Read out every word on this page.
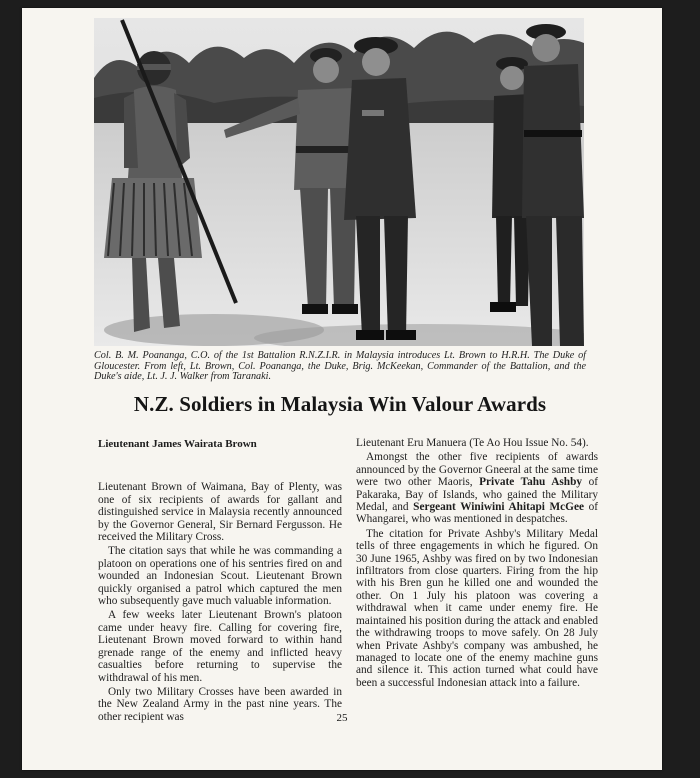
Col. B. M. Poananga, C.O. of the 1st Battalion R.N.Z.I.R. in Malaysia introduces Lt. Brown to H.R.H. The Duke of Gloucester. From left, Lt. Brown, Col. Poananga, the Duke, Brig. McKeekan, Commander of the Battalion, and the Duke's aide, Lt. J. J. Walker from Taranaki.
N.Z. Soldiers in Malaysia Win Valour Awards

Lieutenant James Wairata Brown

Lieutenant Brown of Waimana, Bay of Plenty, was one of six recipients of awards for gallant and distinguished service in Malaysia recently announced by the Governor General, Sir Bernard Fergusson. He received the Military Cross.

The citation says that while he was commanding a platoon on operations one of his sentries fired on and wounded an Indonesian Scout. Lieutenant Brown quickly organised a patrol which captured the men who subsequently gave much valuable information.

A few weeks later Lieutenant Brown's platoon came under heavy fire. Calling for covering fire, Lieutenant Brown moved forward to within hand grenade range of the enemy and inflicted heavy casualties before returning to supervise the withdrawal of his men.

Only two Military Crosses have been awarded in the New Zealand Army in the past nine years. The other recipient was

Lieutenant Eru Manuera (Te Ao Hou Issue No. 54).

Amongst the other five recipients of awards announced by the Governor Gneeral at the same time were two other Maoris, Private Tahu Ashby of Pakaraka, Bay of Islands, who gained the Military Medal, and Sergeant Winiwini Ahitapi McGee of Whangarei, who was mentioned in despatches.

The citation for Private Ashby's Military Medal tells of three engagements in which he figured. On 30 June 1965, Ashby was fired on by two Indonesian infiltrators from close quarters. Firing from the hip with his Bren gun he killed one and wounded the other. On 1 July his platoon was covering a withdrawal when it came under enemy fire. He maintained his position during the attack and enabled the withdrawing troops to move safely. On 28 July when Private Ashby's company was ambushed, he managed to locate one of the enemy machine guns and silence it. This action turned what could have been a successful Indonesian attack into a failure.

25
